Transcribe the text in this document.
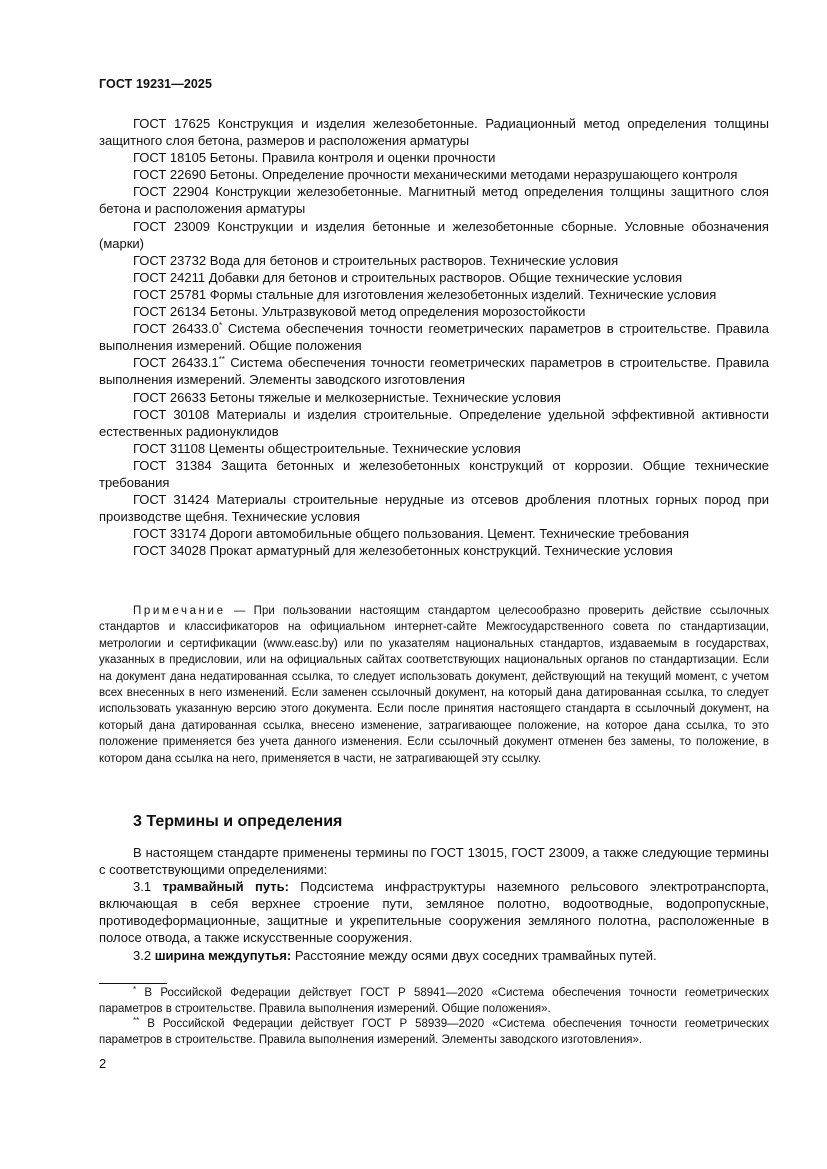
ГОСТ 19231—2025

ГОСТ 17625 Конструкция и изделия железобетонные. Радиационный метод определения толщины защитного слоя бетона, размеров и расположения арматуры

ГОСТ 18105 Бетоны. Правила контроля и оценки прочности

ГОСТ 22690 Бетоны. Определение прочности механическими методами неразрушающего контроля

ГОСТ 22904 Конструкции железобетонные. Магнитный метод определения толщины защитного слоя бетона и расположения арматуры

ГОСТ 23009 Конструкции и изделия бетонные и железобетонные сборные. Условные обозначения (марки)

ГОСТ 23732 Вода для бетонов и строительных растворов. Технические условия

ГОСТ 24211 Добавки для бетонов и строительных растворов. Общие технические условия

ГОСТ 25781 Формы стальные для изготовления железобетонных изделий. Технические условия

ГОСТ 26134 Бетоны. Ультразвуковой метод определения морозостойкости

ГОСТ 26433.0* Система обеспечения точности геометрических параметров в строительстве. Правила выполнения измерений. Общие положения

ГОСТ 26433.1** Система обеспечения точности геометрических параметров в строительстве. Правила выполнения измерений. Элементы заводского изготовления

ГОСТ 26633 Бетоны тяжелые и мелкозернистые. Технические условия

ГОСТ 30108 Материалы и изделия строительные. Определение удельной эффективной активности естественных радионуклидов

ГОСТ 31108 Цементы общестроительные. Технические условия

ГОСТ 31384 Защита бетонных и железобетонных конструкций от коррозии. Общие технические требования

ГОСТ 31424 Материалы строительные нерудные из отсевов дробления плотных горных пород при производстве щебня. Технические условия

ГОСТ 33174 Дороги автомобильные общего пользования. Цемент. Технические требования

ГОСТ 34028 Прокат арматурный для железобетонных конструкций. Технические условия

Примечание — При пользовании настоящим стандартом целесообразно проверить действие ссылочных стандартов и классификаторов на официальном интернет-сайте Межгосударственного совета по стандартизации, метрологии и сертификации (www.easc.by) или по указателям национальных стандартов, издаваемым в государствах, указанных в предисловии, или на официальных сайтах соответствующих национальных органов по стандартизации. Если на документ дана недатированная ссылка, то следует использовать документ, действующий на текущий момент, с учетом всех внесенных в него изменений. Если заменен ссылочный документ, на который дана датированная ссылка, то следует использовать указанную версию этого документа. Если после принятия настоящего стандарта в ссылочный документ, на который дана датированная ссылка, внесено изменение, затрагивающее положение, на которое дана ссылка, то это положение применяется без учета данного изменения. Если ссылочный документ отменен без замены, то положение, в котором дана ссылка на него, применяется в части, не затрагивающей эту ссылку.

3 Термины и определения

В настоящем стандарте применены термины по ГОСТ 13015, ГОСТ 23009, а также следующие термины с соответствующими определениями:

3.1 трамвайный путь: Подсистема инфраструктуры наземного рельсового электротранспорта, включающая в себя верхнее строение пути, земляное полотно, водоотводные, водопропускные, противодеформационные, защитные и укрепительные сооружения земляного полотна, расположенные в полосе отвода, а также искусственные сооружения.

3.2 ширина междупутья: Расстояние между осями двух соседних трамвайных путей.

* В Российской Федерации действует ГОСТ Р 58941—2020 «Система обеспечения точности геометрических параметров в строительстве. Правила выполнения измерений. Общие положения».

** В Российской Федерации действует ГОСТ Р 58939—2020 «Система обеспечения точности геометрических параметров в строительстве. Правила выполнения измерений. Элементы заводского изготовления».

2
